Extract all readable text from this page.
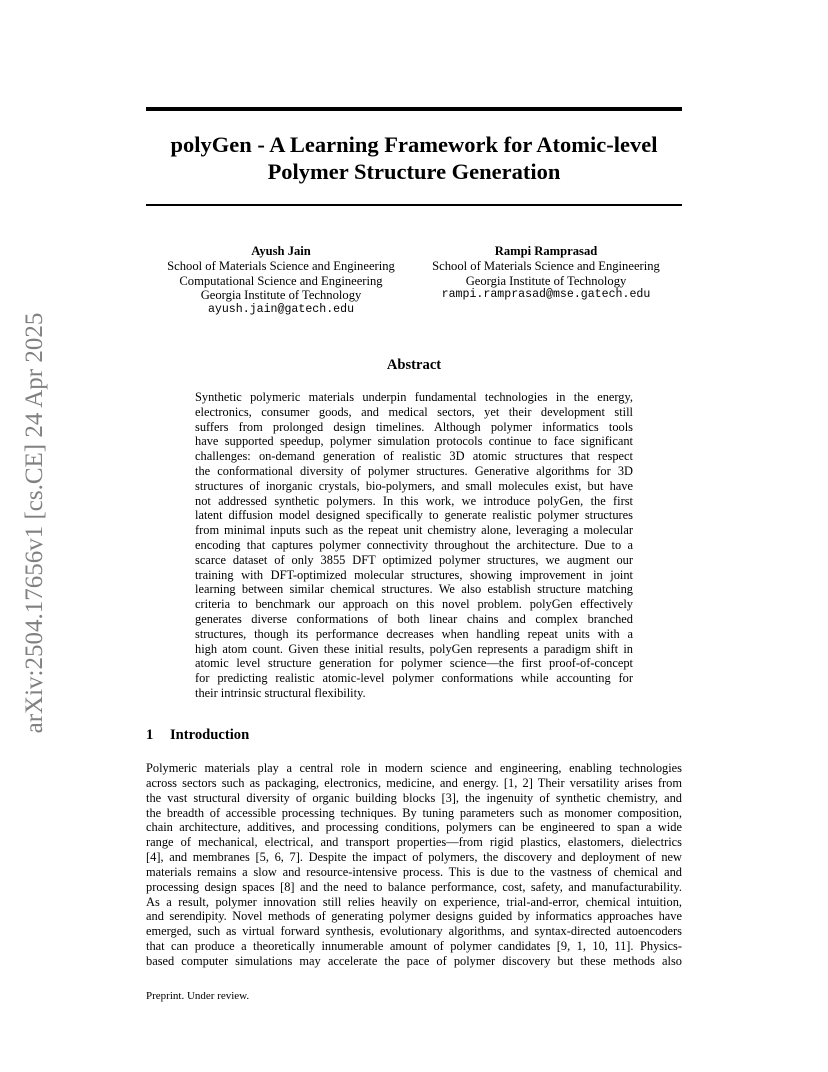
arXiv:2504.17656v1 [cs.CE] 24 Apr 2025
polyGen - A Learning Framework for Atomic-level
Polymer Structure Generation
Ayush Jain
School of Materials Science and Engineering
Computational Science and Engineering
Georgia Institute of Technology
ayush.jain@gatech.edu
Rampi Ramprasad
School of Materials Science and Engineering
Georgia Institute of Technology
rampi.ramprasad@mse.gatech.edu
Abstract
Synthetic polymeric materials underpin fundamental technologies in the energy,
electronics, consumer goods, and medical sectors, yet their development still
suffers from prolonged design timelines. Although polymer informatics tools
have supported speedup, polymer simulation protocols continue to face significant
challenges: on-demand generation of realistic 3D atomic structures that respect
the conformational diversity of polymer structures. Generative algorithms for 3D
structures of inorganic crystals, bio-polymers, and small molecules exist, but have
not addressed synthetic polymers. In this work, we introduce polyGen, the first
latent diffusion model designed specifically to generate realistic polymer structures
from minimal inputs such as the repeat unit chemistry alone, leveraging a molecular
encoding that captures polymer connectivity throughout the architecture. Due to a
scarce dataset of only 3855 DFT optimized polymer structures, we augment our
training with DFT-optimized molecular structures, showing improvement in joint
learning between similar chemical structures. We also establish structure matching
criteria to benchmark our approach on this novel problem. polyGen effectively
generates diverse conformations of both linear chains and complex branched
structures, though its performance decreases when handling repeat units with a
high atom count. Given these initial results, polyGen represents a paradigm shift in
atomic level structure generation for polymer science—the first proof-of-concept
for predicting realistic atomic-level polymer conformations while accounting for
their intrinsic structural flexibility.
1 Introduction
Polymeric materials play a central role in modern science and engineering, enabling technologies
across sectors such as packaging, electronics, medicine, and energy. [1, 2] Their versatility arises from
the vast structural diversity of organic building blocks [3], the ingenuity of synthetic chemistry, and
the breadth of accessible processing techniques. By tuning parameters such as monomer composition,
chain architecture, additives, and processing conditions, polymers can be engineered to span a wide
range of mechanical, electrical, and transport properties—from rigid plastics, elastomers, dielectrics
[4], and membranes [5, 6, 7]. Despite the impact of polymers, the discovery and deployment of new
materials remains a slow and resource-intensive process. This is due to the vastness of chemical and
processing design spaces [8] and the need to balance performance, cost, safety, and manufacturability.
As a result, polymer innovation still relies heavily on experience, trial-and-error, chemical intuition,
and serendipity. Novel methods of generating polymer designs guided by informatics approaches have
emerged, such as virtual forward synthesis, evolutionary algorithms, and syntax-directed autoencoders
that can produce a theoretically innumerable amount of polymer candidates [9, 1, 10, 11]. Physics-
based computer simulations may accelerate the pace of polymer discovery but these methods also
Preprint. Under review.
